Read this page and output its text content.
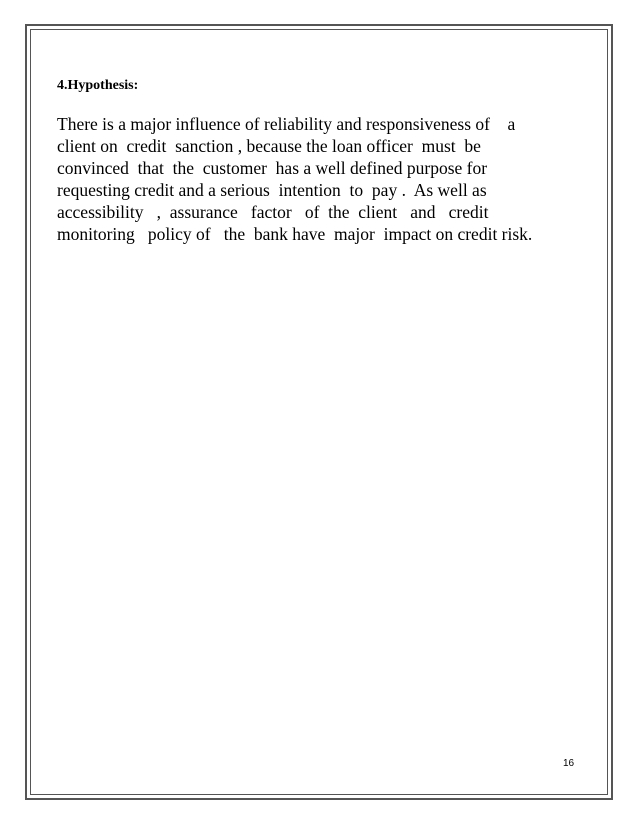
4.Hypothesis:
There is a major influence of reliability and responsiveness of    a
client on  credit  sanction , because the loan officer  must  be
convinced  that  the  customer  has a well defined purpose for
requesting credit and a serious  intention  to  pay .  As well as
accessibility   ,  assurance   factor   of  the  client   and   credit
monitoring   policy of   the  bank have  major  impact on credit risk.
16
